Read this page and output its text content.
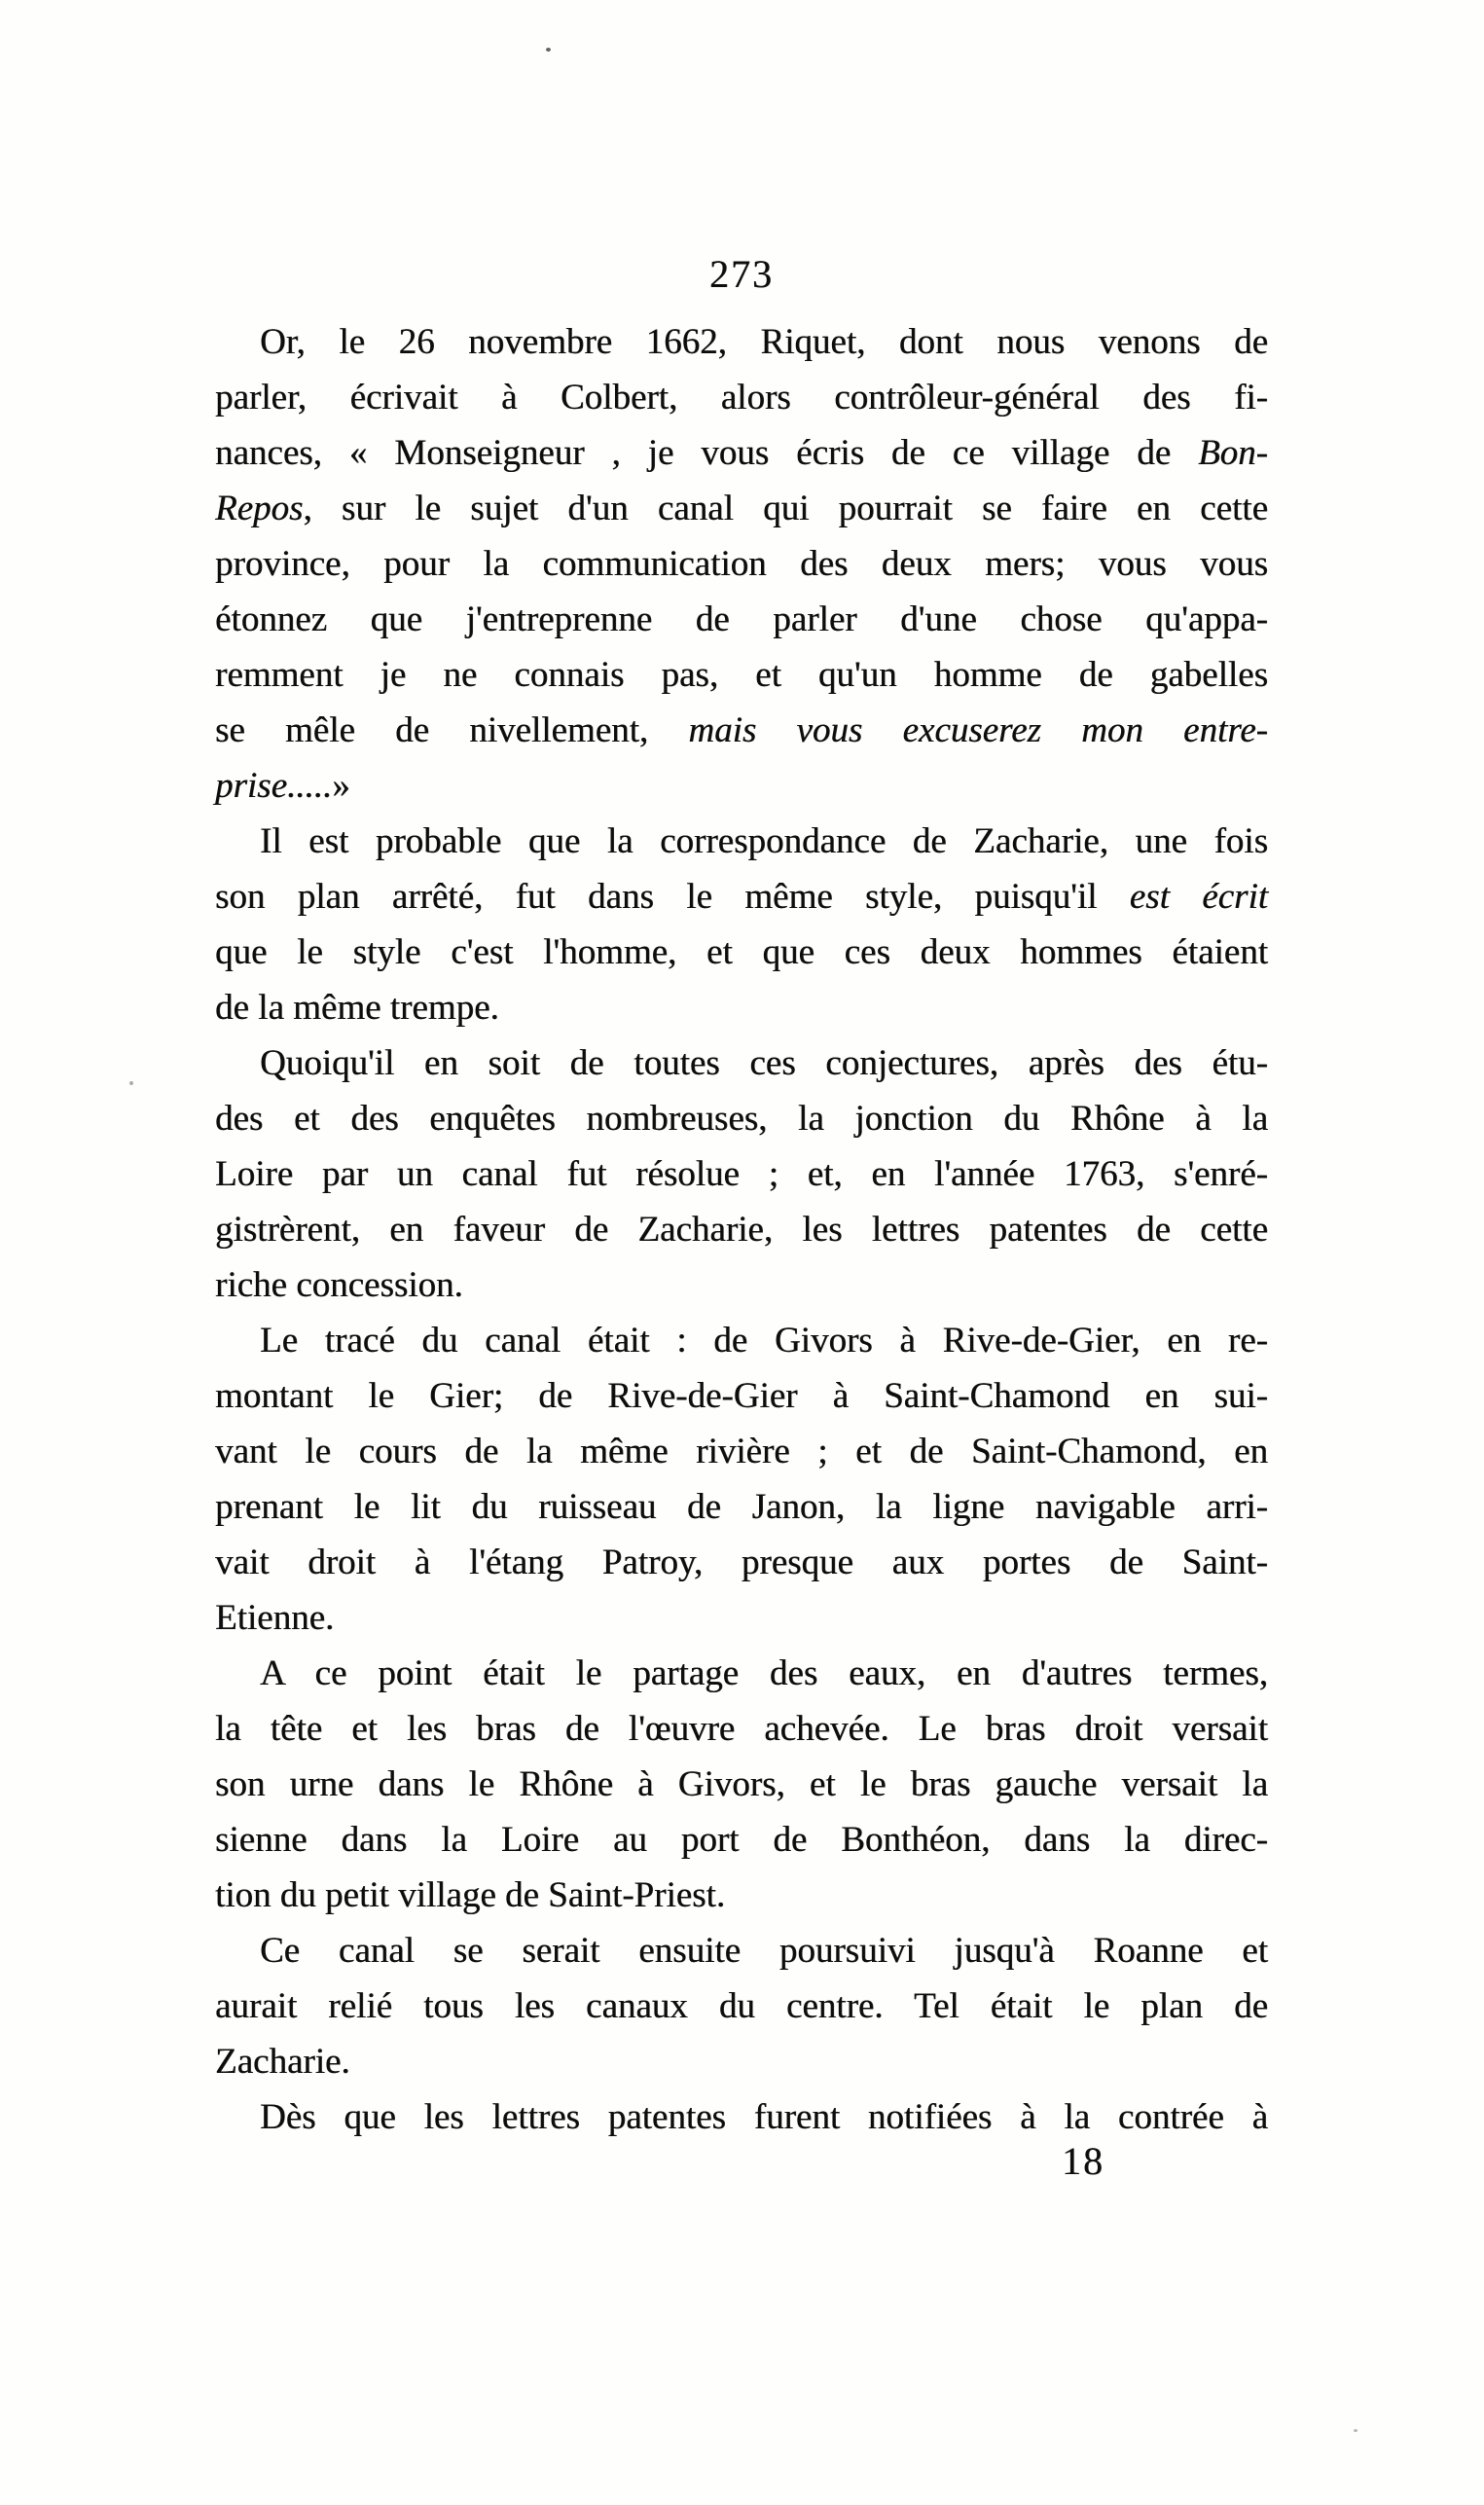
273
Or, le 26 novembre 1662, Riquet, dont nous venons de
parler, écrivait à Colbert, alors contrôleur-général des fi-
nances, « Monseigneur , je vous écris de ce village de Bon-
Repos, sur le sujet d'un canal qui pourrait se faire en cette
province, pour la communication des deux mers; vous vous
étonnez que j'entreprenne de parler d'une chose qu'appa-
remment je ne connais pas, et qu'un homme de gabelles
se mêle de nivellement, mais vous excuserez mon entre-
prise.....»
Il est probable que la correspondance de Zacharie, une fois
son plan arrêté, fut dans le même style, puisqu'il est écrit
que le style c'est l'homme, et que ces deux hommes étaient
de la même trempe.
Quoiqu'il en soit de toutes ces conjectures, après des étu-
des et des enquêtes nombreuses, la jonction du Rhône à la
Loire par un canal fut résolue ; et, en l'année 1763, s'enré-
gistrèrent, en faveur de Zacharie, les lettres patentes de cette
riche concession.
Le tracé du canal était : de Givors à Rive-de-Gier, en re-
montant le Gier; de Rive-de-Gier à Saint-Chamond en sui-
vant le cours de la même rivière ; et de Saint-Chamond, en
prenant le lit du ruisseau de Janon, la ligne navigable arri-
vait droit à l'étang Patroy, presque aux portes de Saint-
Etienne.
A ce point était le partage des eaux, en d'autres termes,
la tête et les bras de l'œuvre achevée. Le bras droit versait
son urne dans le Rhône à Givors, et le bras gauche versait la
sienne dans la Loire au port de Bonthéon, dans la direc-
tion du petit village de Saint-Priest.
Ce canal se serait ensuite poursuivi jusqu'à Roanne et
aurait relié tous les canaux du centre. Tel était le plan de
Zacharie.
Dès que les lettres patentes furent notifiées à la contrée à
18
